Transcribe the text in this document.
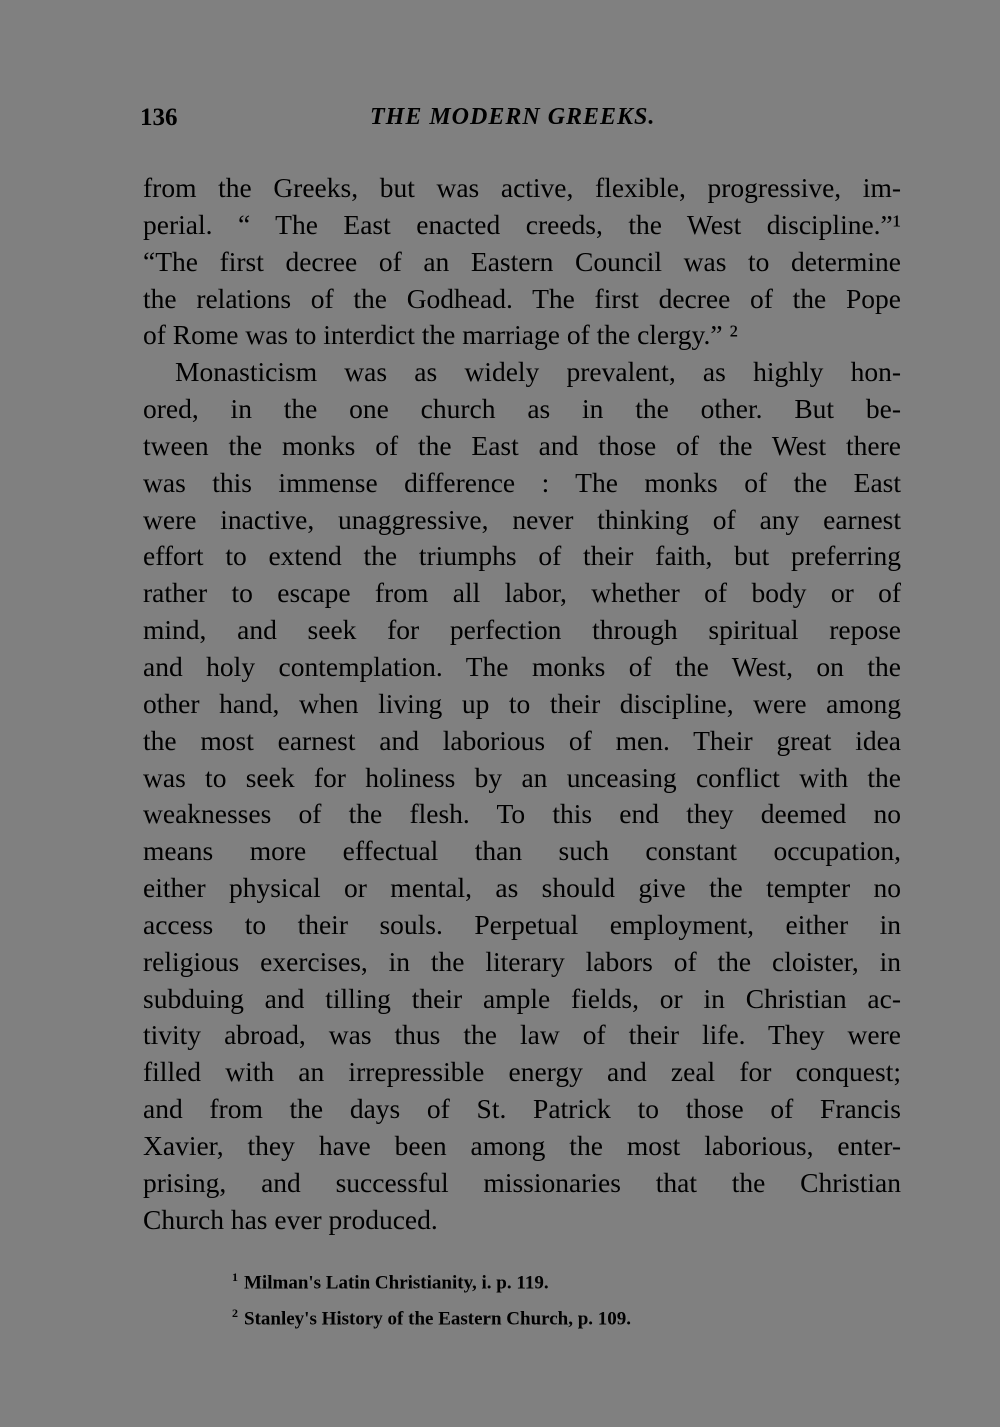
136	THE MODERN GREEKS.
from the Greeks, but was active, flexible, progressive, im-
perial. “ The East enacted creeds, the West discipline.”¹
“The first decree of an Eastern Council was to determine
the relations of the Godhead. The first decree of the Pope
of Rome was to interdict the marriage of the clergy.” ²
Monasticism was as widely prevalent, as highly hon-
ored, in the one church as in the other. But be-
tween the monks of the East and those of the West there
was this immense difference : The monks of the East
were inactive, unaggressive, never thinking of any earnest
effort to extend the triumphs of their faith, but preferring
rather to escape from all labor, whether of body or of
mind, and seek for perfection through spiritual repose
and holy contemplation. The monks of the West, on the
other hand, when living up to their discipline, were among
the most earnest and laborious of men. Their great idea
was to seek for holiness by an unceasing conflict with the
weaknesses of the flesh. To this end they deemed no
means more effectual than such constant occupation,
either physical or mental, as should give the tempter no
access to their souls. Perpetual employment, either in
religious exercises, in the literary labors of the cloister, in
subduing and tilling their ample fields, or in Christian ac-
tivity abroad, was thus the law of their life. They were
filled with an irrepressible energy and zeal for conquest;
and from the days of St. Patrick to those of Francis
Xavier, they have been among the most laborious, enter-
prising, and successful missionaries that the Christian
Church has ever produced.
$^1$ Milman's Latin Christianity, i. p. 119.
$^2$ Stanley's History of the Eastern Church, p. 109.
